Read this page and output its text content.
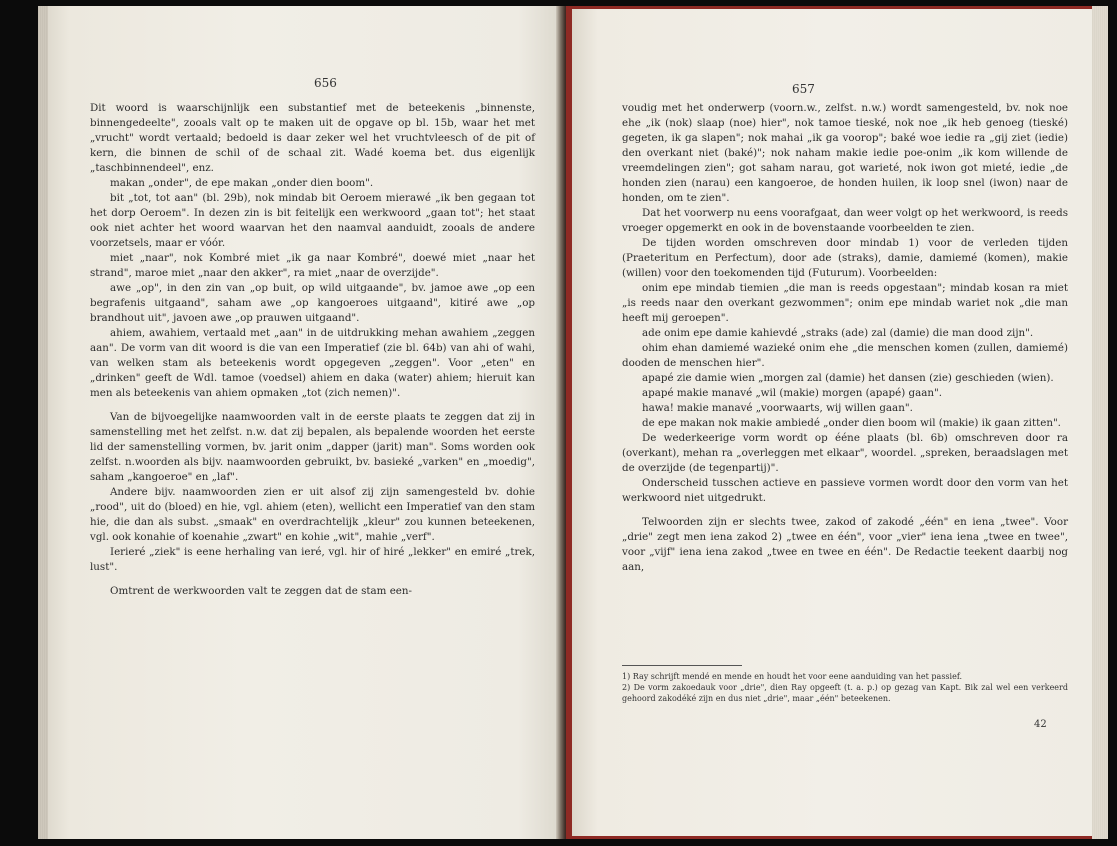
656

Dit woord is waarschijnlijk een substantief met de beteekenis „binnenste, binnengedeelte", zooals valt op te maken uit de opgave op bl. 15b, waar het met „vrucht" wordt vertaald; bedoeld is daar zeker wel het vruchtvleesch of de pit of kern, die binnen de schil of de schaal zit. Wadé koema bet. dus eigenlijk „taschbinnendeel", enz.

makan „onder", de epe makan „onder dien boom".

bit „tot, tot aan" (bl. 29b), nok mindab bit Oeroem mierawé „ik ben gegaan tot het dorp Oeroem". In dezen zin is bit feitelijk een werkwoord „gaan tot"; het staat ook niet achter het woord waarvan het den naamval aanduidt, zooals de andere voorzetsels, maar er vóór.

miet „naar", nok Kombré miet „ik ga naar Kombré", doewé miet „naar het strand", maroe miet „naar den akker", ra miet „naar de overzijde".

awe „op", in den zin van „op buit, op wild uitgaande", bv. jamoe awe „op een begrafenis uitgaand", saham awe „op kangoeroes uitgaand", kitiré awe „op brandhout uit", javoen awe „op prauwen uitgaand".

ahiem, awahiem, vertaald met „aan" in de uitdrukking mehan awahiem „zeggen aan". De vorm van dit woord is die van een Imperatief (zie bl. 64b) van ahi of wahi, van welken stam als beteekenis wordt opgegeven „zeggen". Voor „eten" en „drinken" geeft de Wdl. tamoe (voedsel) ahiem en daka (water) ahiem; hieruit kan men als beteekenis van ahiem opmaken „tot (zich nemen)".

Van de bijvoegelijke naamwoorden valt in de eerste plaats te zeggen dat zij in samenstelling met het zelfst. n.w. dat zij bepalen, als bepalende woorden het eerste lid der samenstelling vormen, bv. jarit onim „dapper (jarit) man". Soms worden ook zelfst. n.woorden als bijv. naamwoorden gebruikt, bv. basieké „varken" en „moedig", saham „kangoeroe" en „laf".

Andere bijv. naamwoorden zien er uit alsof zij zijn samengesteld bv. dohie „rood", uit do (bloed) en hie, vgl. ahiem (eten), wellicht een Imperatief van den stam hie, die dan als subst. „smaak" en overdrachtelijk „kleur" zou kunnen beteekenen, vgl. ook konahie of koenahie „zwart" en kohie „wit", mahie „verf".

Ierieré „ziek" is eene herhaling van ieré, vgl. hir of hiré „lekker" en emiré „trek, lust".

Omtrent de werkwoorden valt te zeggen dat de stam een-

657

voudig met het onderwerp (voorn.w., zelfst. n.w.) wordt samengesteld, bv. nok noe ehe „ik (nok) slaap (noe) hier", nok tamoe tieské, nok noe „ik heb genoeg (tieské) gegeten, ik ga slapen"; nok mahai „ik ga voorop"; baké woe iedie ra „gij ziet (iedie) den overkant niet (baké)"; nok naham makie iedie poe-onim „ik kom willende de vreemdelingen zien"; got saham narau, got warieté, nok iwon got mieté, iedie „de honden zien (narau) een kangoeroe, de honden huilen, ik loop snel (iwon) naar de honden, om te zien".

Dat het voorwerp nu eens voorafgaat, dan weer volgt op het werkwoord, is reeds vroeger opgemerkt en ook in de bovenstaande voorbeelden te zien.

De tijden worden omschreven door mindab 1) voor de verleden tijden (Praeteritum en Perfectum), door ade (straks), damie, damiemé (komen), makie (willen) voor den toekomenden tijd (Futurum). Voorbeelden:

onim epe mindab tiemien „die man is reeds opgestaan"; mindab kosan ra miet „is reeds naar den overkant gezwommen"; onim epe mindab wariet nok „die man heeft mij geroepen".

ade onim epe damie kahievdé „straks (ade) zal (damie) die man dood zijn".

ohim ehan damiemé wazieké onim ehe „die menschen komen (zullen, damiemé) dooden de menschen hier".

apapé zie damie wien „morgen zal (damie) het dansen (zie) geschieden (wien).

apapé makie manavé „wil (makie) morgen (apapé) gaan".

hawa! makie manavé „voorwaarts, wij willen gaan".

de epe makan nok makie ambiedé „onder dien boom wil (makie) ik gaan zitten".

De wederkeerige vorm wordt op ééne plaats (bl. 6b) omschreven door ra (overkant), mehan ra „overleggen met elkaar", woordel. „spreken, beraadslagen met de overzijde (de tegenpartij)".

Onderscheid tusschen actieve en passieve vormen wordt door den vorm van het werkwoord niet uitgedrukt.

Telwoorden zijn er slechts twee, zakod of zakodé „één" en iena „twee". Voor „drie" zegt men iena zakod 2) „twee en één", voor „vier" iena iena „twee en twee", voor „vijf" iena iena zakod „twee en twee en één". De Redactie teekent daarbij nog aan,

1) Ray schrijft mendé en mende en houdt het voor eene aanduiding van het passief.

2) De vorm zakoedauk voor „drie", dien Ray opgeeft (t. a. p.) op gezag van Kapt. Bik zal wel een verkeerd gehoord zakodéké zijn en dus niet „drie", maar „één" beteekenen.

42
